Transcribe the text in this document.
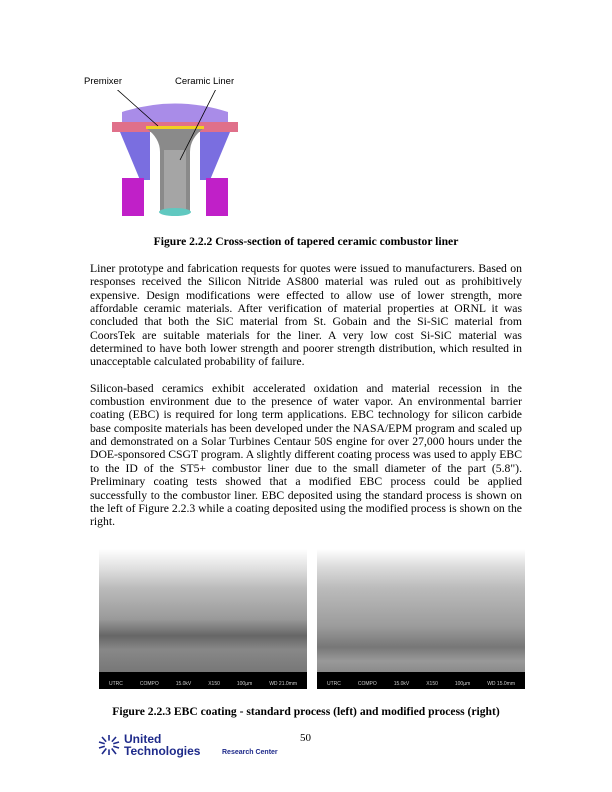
Premixer	Ceramic Liner
Figure 2.2.2 Cross-section of tapered ceramic combustor liner

Liner prototype and fabrication requests for quotes were issued to manufacturers. Based on responses received the Silicon Nitride AS800 material was ruled out as prohibitively expensive. Design modifications were effected to allow use of lower strength, more affordable ceramic materials. After verification of material properties at ORNL it was concluded that both the SiC material from St. Gobain and the Si-SiC material from CoorsTek are suitable materials for the liner. A very low cost Si-SiC material was determined to have both lower strength and poorer strength distribution, which resulted in unacceptable calculated probability of failure.

Silicon-based ceramics exhibit accelerated oxidation and material recession in the combustion environment due to the presence of water vapor. An environmental barrier coating (EBC) is required for long term applications. EBC technology for silicon carbide base composite materials has been developed under the NASA/EPM program and scaled up and demonstrated on a Solar Turbines Centaur 50S engine for over 27,000 hours under the DOE-sponsored CSGT program. A slightly different coating process was used to apply EBC to the ID of the ST5+ combustor liner due to the small diameter of the part (5.8"). Preliminary coating tests showed that a modified EBC process could be applied successfully to the combustor liner. EBC deposited using the standard process is shown on the left of Figure 2.2.3 while a coating deposited using the modified process is shown on the right.

UTRC	COMPO	15.0kV	X150	100µm	WD 21.0mm	UTRC	COMPO	15.0kV	X150	100µm	WD 15.0mm
Figure 2.2.3 EBC coating - standard process (left) and modified process (right)
United
Technologies	Research Center
50
